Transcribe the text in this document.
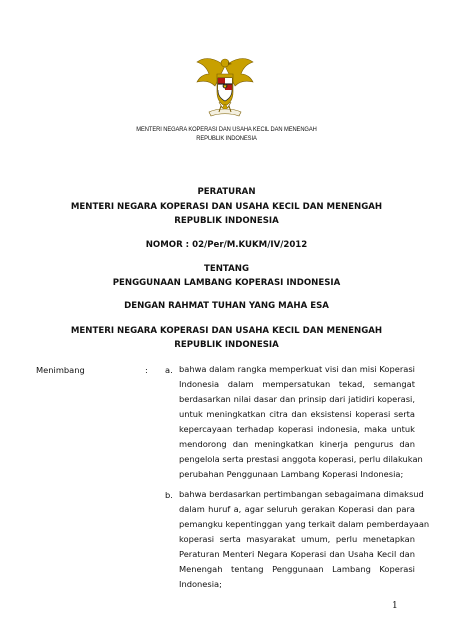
MENTERI NEGARA KOPERASI DAN USAHA KECIL DAN MENENGAH
REPUBLIK INDONESIA
PERATURAN
MENTERI NEGARA KOPERASI DAN USAHA KECIL DAN MENENGAH
REPUBLIK INDONESIA
NOMOR : 02/Per/M.KUKM/IV/2012
TENTANG
PENGGUNAAN LAMBANG KOPERASI INDONESIA
DENGAN RAHMAT TUHAN YANG MAHA ESA
MENTERI NEGARA KOPERASI DAN USAHA KECIL DAN MENENGAH
REPUBLIK INDONESIA
Menimbang	: a. bahwa dalam rangka memperkuat visi dan misi Koperasi
Indonesia dalam mempersatukan tekad, semangat
berdasarkan nilai dasar dan prinsip dari jatidiri koperasi,
untuk meningkatkan citra dan eksistensi koperasi serta
kepercayaan terhadap koperasi indonesia, maka untuk
mendorong dan meningkatkan kinerja pengurus dan
pengelola serta prestasi anggota koperasi, perlu dilakukan
perubahan Penggunaan Lambang Koperasi Indonesia;
b. bahwa berdasarkan pertimbangan sebagaimana dimaksud
dalam huruf a, agar seluruh gerakan Koperasi dan para
pemangku kepentinggan yang terkait dalam pemberdayaan
koperasi serta masyarakat umum, perlu menetapkan
Peraturan Menteri Negara Koperasi dan Usaha Kecil dan
Menengah tentang Penggunaan Lambang Koperasi
Indonesia;
1
